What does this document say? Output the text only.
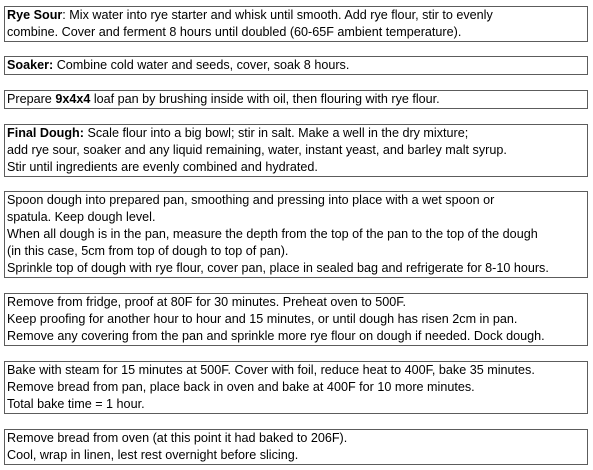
Rye Sour: Mix water into rye starter and whisk until smooth. Add rye flour, stir to evenly
combine. Cover and ferment 8 hours until doubled (60-65F ambient temperature).
Soaker: Combine cold water and seeds, cover, soak 8 hours.
Prepare 9x4x4 loaf pan by brushing inside with oil, then flouring with rye flour.
Final Dough: Scale flour into a big bowl; stir in salt. Make a well in the dry mixture;
add rye sour, soaker and any liquid remaining, water, instant yeast, and barley malt syrup.
Stir until ingredients are evenly combined and hydrated.
Spoon dough into prepared pan, smoothing and pressing into place with a wet spoon or
spatula. Keep dough level.
When all dough is in the pan, measure the depth from the top of the pan to the top of the dough
(in this case, 5cm from top of dough to top of pan).
Sprinkle top of dough with rye flour, cover pan, place in sealed bag and refrigerate for 8-10 hours.
Remove from fridge, proof at 80F for 30 minutes. Preheat oven to 500F.
Keep proofing for another hour to hour and 15 minutes, or until dough has risen 2cm in pan.
Remove any covering from the pan and sprinkle more rye flour on dough if needed. Dock dough.
Bake with steam for 15 minutes at 500F. Cover with foil, reduce heat to 400F, bake 35 minutes.
Remove bread from pan, place back in oven and bake at 400F for 10 more minutes.
Total bake time = 1 hour.
Remove bread from oven (at this point it had baked to 206F).
Cool, wrap in linen, lest rest overnight before slicing.
